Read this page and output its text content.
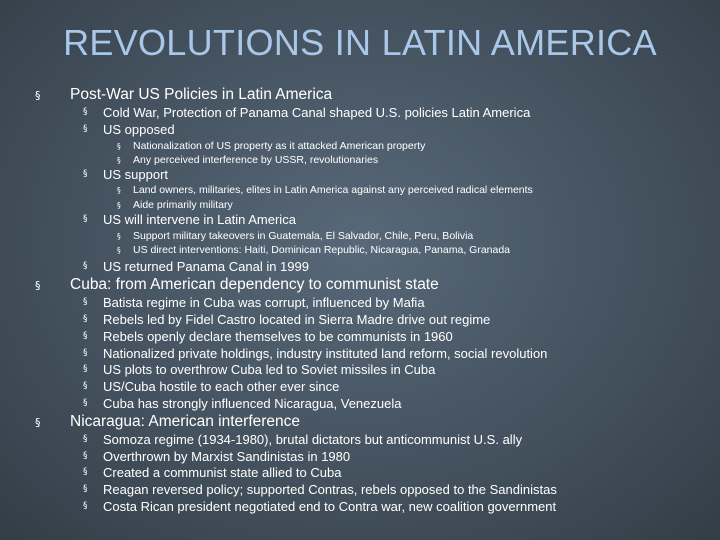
REVOLUTIONS IN LATIN AMERICA
§ Post-War US Policies in Latin America
§ Cold War, Protection of Panama Canal shaped U.S. policies Latin America
§ US opposed
§ Nationalization of US property as it attacked American property
§ Any perceived interference by USSR, revolutionaries
§ US support
§ Land owners, militaries, elites in Latin America against any perceived radical elements
§ Aide primarily military
§ US will intervene in Latin America
§ Support military takeovers in Guatemala, El Salvador, Chile, Peru, Bolivia
§ US direct interventions: Haiti, Dominican Republic, Nicaragua, Panama, Granada
§ US returned Panama Canal in 1999
§ Cuba: from American dependency to communist state
§ Batista regime in Cuba was corrupt, influenced by Mafia
§ Rebels led by Fidel Castro located in Sierra Madre drive out regime
§ Rebels openly declare themselves to be communists in 1960
§ Nationalized private holdings, industry instituted land reform, social revolution
§ US plots to overthrow Cuba led to Soviet missiles in Cuba
§ US/Cuba hostile to each other ever since
§ Cuba has strongly influenced Nicaragua, Venezuela
§ Nicaragua: American interference
§ Somoza regime (1934-1980), brutal dictators but anticommunist U.S. ally
§ Overthrown by Marxist Sandinistas in 1980
§ Created a communist state allied to Cuba
§ Reagan reversed policy; supported Contras, rebels opposed to the Sandinistas
§ Costa Rican president negotiated end to Contra war, new coalition government
